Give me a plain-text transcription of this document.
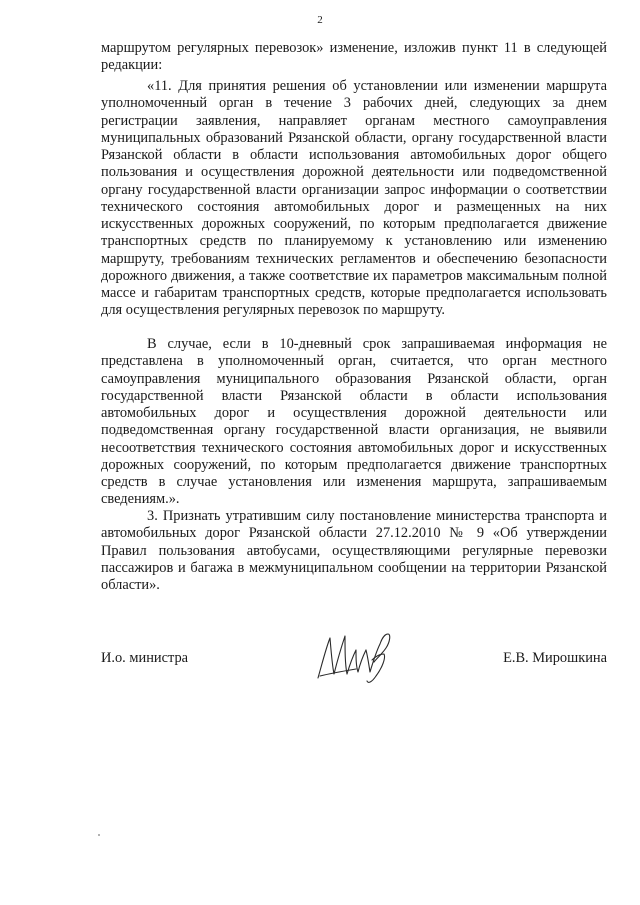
2

маршрутом регулярных перевозок» изменение, изложив пункт 11 в следующей редакции:

«11. Для принятия решения об установлении или изменении маршрута уполномоченный орган в течение 3 рабочих дней, следующих за днем регистрации заявления, направляет органам местного самоуправления муниципальных образований Рязанской области, органу государственной власти Рязанской области в области использования автомобильных дорог общего пользования и осуществления дорожной деятельности или подведомственной органу государственной власти организации запрос информации о соответствии технического состояния автомобильных дорог и размещенных на них искусственных дорожных сооружений, по которым предполагается движение транспортных средств по планируемому к установлению или изменению маршруту, требованиям технических регламентов и обеспечению безопасности дорожного движения, а также соответствие их параметров максимальным полной массе и габаритам транспортных средств, которые предполагается использовать для осуществления регулярных перевозок по маршруту.

В случае, если в 10-дневный срок запрашиваемая информация не представлена в уполномоченный орган, считается, что орган местного самоуправления муниципального образования Рязанской области, орган государственной власти Рязанской области в области использования автомобильных дорог и осуществления дорожной деятельности или подведомственная органу государственной власти организация, не выявили несоответствия технического состояния автомобильных дорог и искусственных дорожных сооружений, по которым предполагается движение транспортных средств в случае установления или изменения маршрута, запрашиваемым сведениям.».

3. Признать утратившим силу постановление министерства транспорта и автомобильных дорог Рязанской области 27.12.2010 № 9 «Об утверждении Правил пользования автобусами, осуществляющими регулярные перевозки пассажиров и багажа в межмуниципальном сообщении на территории Рязанской области».

И.о. министра	Е.В. Мирошкина
